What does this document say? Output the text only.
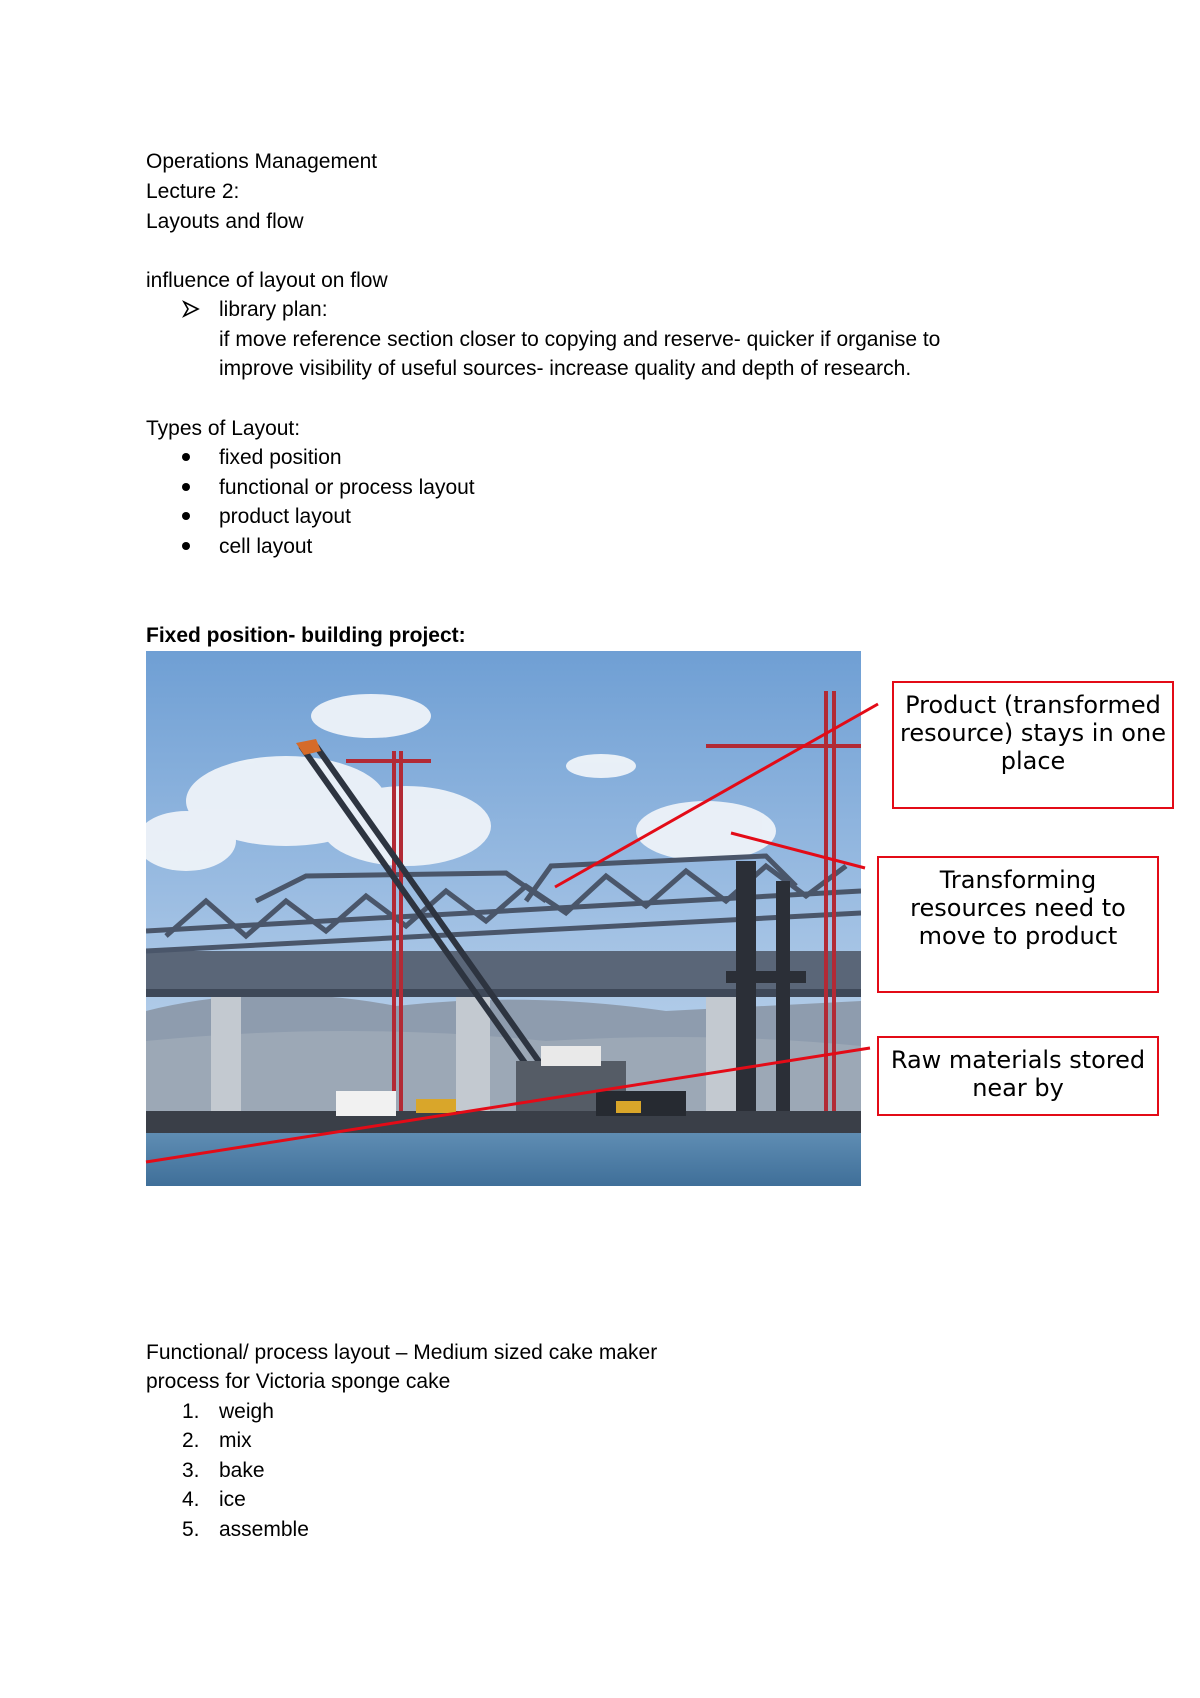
Operations Management
Lecture 2:
Layouts and flow
influence of layout on flow
library plan:
if move reference section closer to copying and reserve- quicker if organise to
improve visibility of useful sources- increase quality and depth of research.
Types of Layout:
fixed position
functional or process layout
product layout
cell layout
Fixed position- building project:
Product (transformed resource) stays in one place
Transforming resources need to move to product
Raw materials stored near by
Functional/ process layout – Medium sized cake maker
process for Victoria sponge cake
1. weigh
2. mix
3. bake
4. ice
5. assemble
